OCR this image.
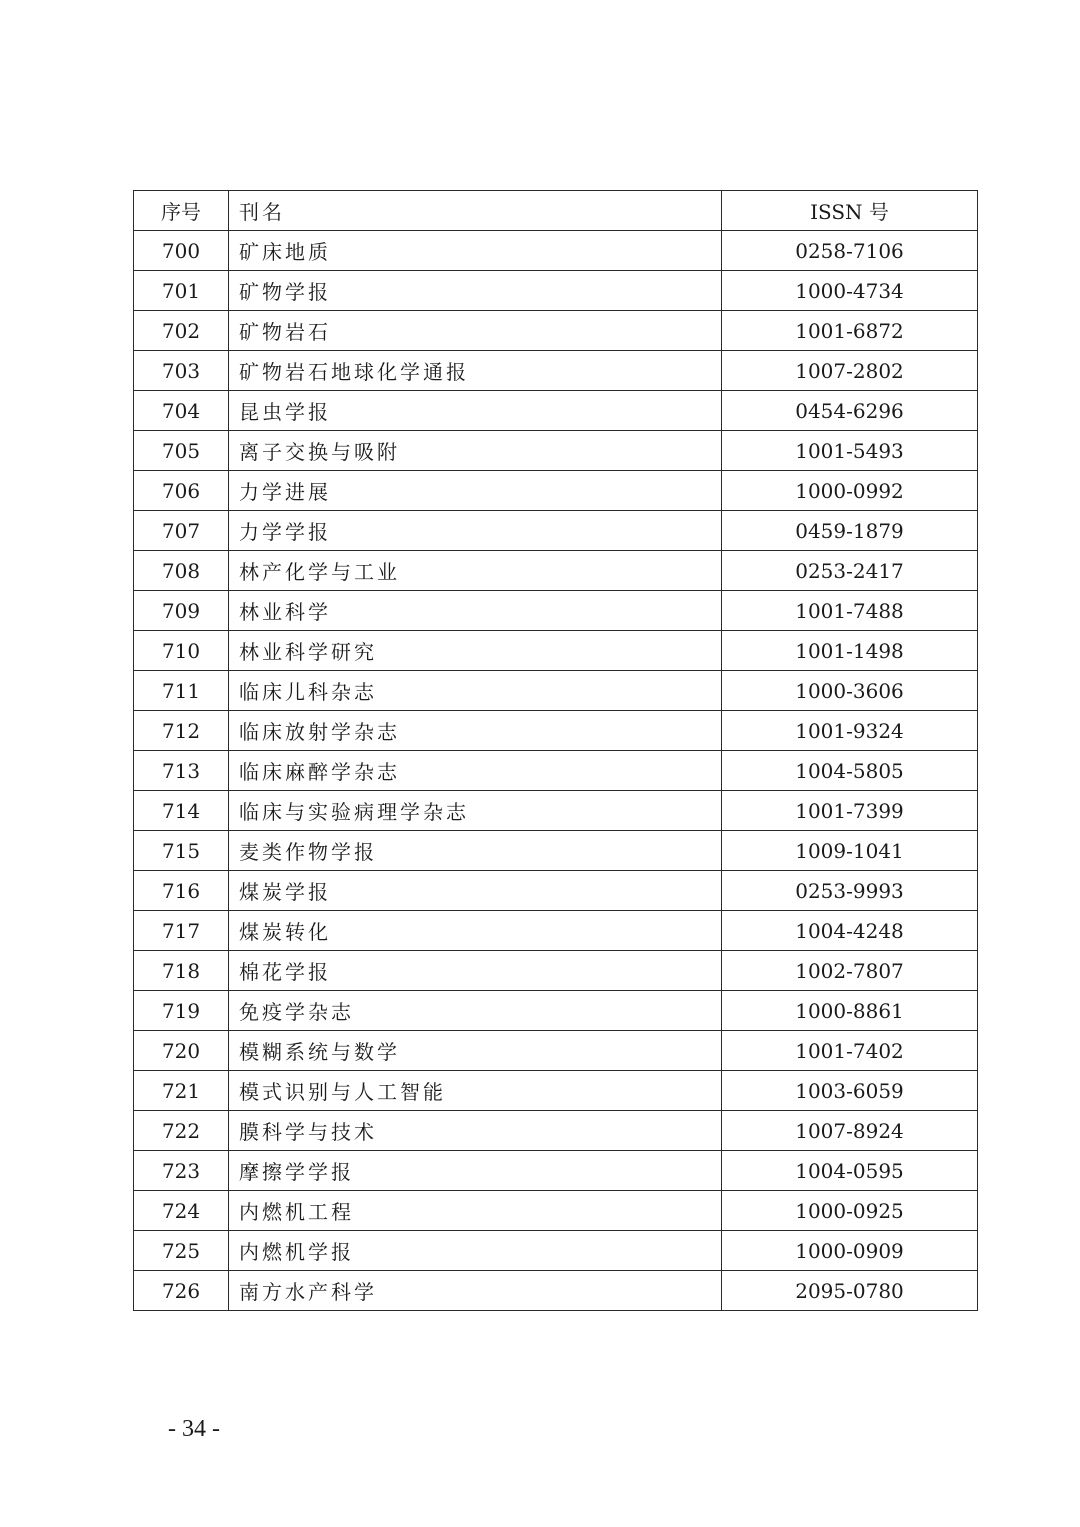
序号	刊名	ISSN 号
700	矿床地质	0258-7106
701	矿物学报	1000-4734
702	矿物岩石	1001-6872
703	矿物岩石地球化学通报	1007-2802
704	昆虫学报	0454-6296
705	离子交换与吸附	1001-5493
706	力学进展	1000-0992
707	力学学报	0459-1879
708	林产化学与工业	0253-2417
709	林业科学	1001-7488
710	林业科学研究	1001-1498
711	临床儿科杂志	1000-3606
712	临床放射学杂志	1001-9324
713	临床麻醉学杂志	1004-5805
714	临床与实验病理学杂志	1001-7399
715	麦类作物学报	1009-1041
716	煤炭学报	0253-9993
717	煤炭转化	1004-4248
718	棉花学报	1002-7807
719	免疫学杂志	1000-8861
720	模糊系统与数学	1001-7402
721	模式识别与人工智能	1003-6059
722	膜科学与技术	1007-8924
723	摩擦学学报	1004-0595
724	内燃机工程	1000-0925
725	内燃机学报	1000-0909
726	南方水产科学	2095-0780
- 34 -
